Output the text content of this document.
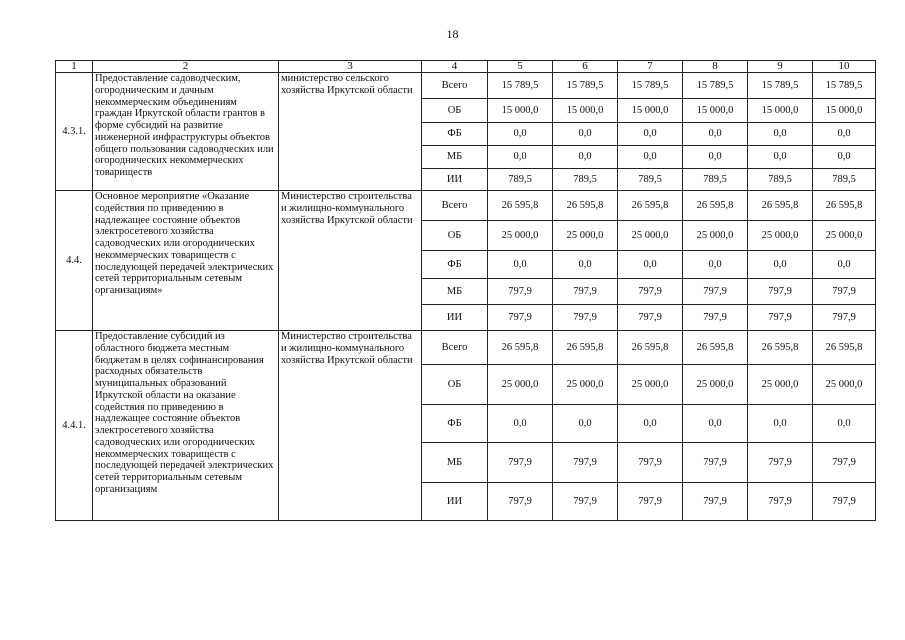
18
1	2	3	4	5	6	7	8	9	10
4.3.1.	Предоставление садоводческим, огородническим и дачным некоммерческим объединениям граждан Иркутской области грантов в форме субсидий на развитие инженерной инфраструктуры объектов общего пользования садоводческих или огороднических некоммерческих товариществ	министерство сельского хозяйства Иркутской области	Всего	15 789,5	15 789,5	15 789,5	15 789,5	15 789,5	15 789,5
			ОБ	15 000,0	15 000,0	15 000,0	15 000,0	15 000,0	15 000,0
			ФБ	0,0	0,0	0,0	0,0	0,0	0,0
			МБ	0,0	0,0	0,0	0,0	0,0	0,0
			ИИ	789,5	789,5	789,5	789,5	789,5	789,5
4.4.	Основное мероприятие «Оказание содействия по приведению в надлежащее состояние объектов электросетевого хозяйства садоводческих или огороднических некоммерческих товариществ с последующей передачей электрических сетей территориальным сетевым организациям»	Министерство строительства и жилищно-коммунального хозяйства Иркутской области	Всего	26 595,8	26 595,8	26 595,8	26 595,8	26 595,8	26 595,8
			ОБ	25 000,0	25 000,0	25 000,0	25 000,0	25 000,0	25 000,0
			ФБ	0,0	0,0	0,0	0,0	0,0	0,0
			МБ	797,9	797,9	797,9	797,9	797,9	797,9
			ИИ	797,9	797,9	797,9	797,9	797,9	797,9
4.4.1.	Предоставление субсидий из областного бюджета местным бюджетам в целях софинансирования расходных обязательств муниципальных образований Иркутской области на оказание содействия по приведению в надлежащее состояние объектов электросетевого хозяйства садоводческих или огороднических некоммерческих товариществ с последующей передачей электрических сетей территориальным сетевым организациям	Министерство строительства и жилищно-коммунального хозяйства Иркутской области	Всего	26 595,8	26 595,8	26 595,8	26 595,8	26 595,8	26 595,8
			ОБ	25 000,0	25 000,0	25 000,0	25 000,0	25 000,0	25 000,0
			ФБ	0,0	0,0	0,0	0,0	0,0	0,0
			МБ	797,9	797,9	797,9	797,9	797,9	797,9
			ИИ	797,9	797,9	797,9	797,9	797,9	797,9
